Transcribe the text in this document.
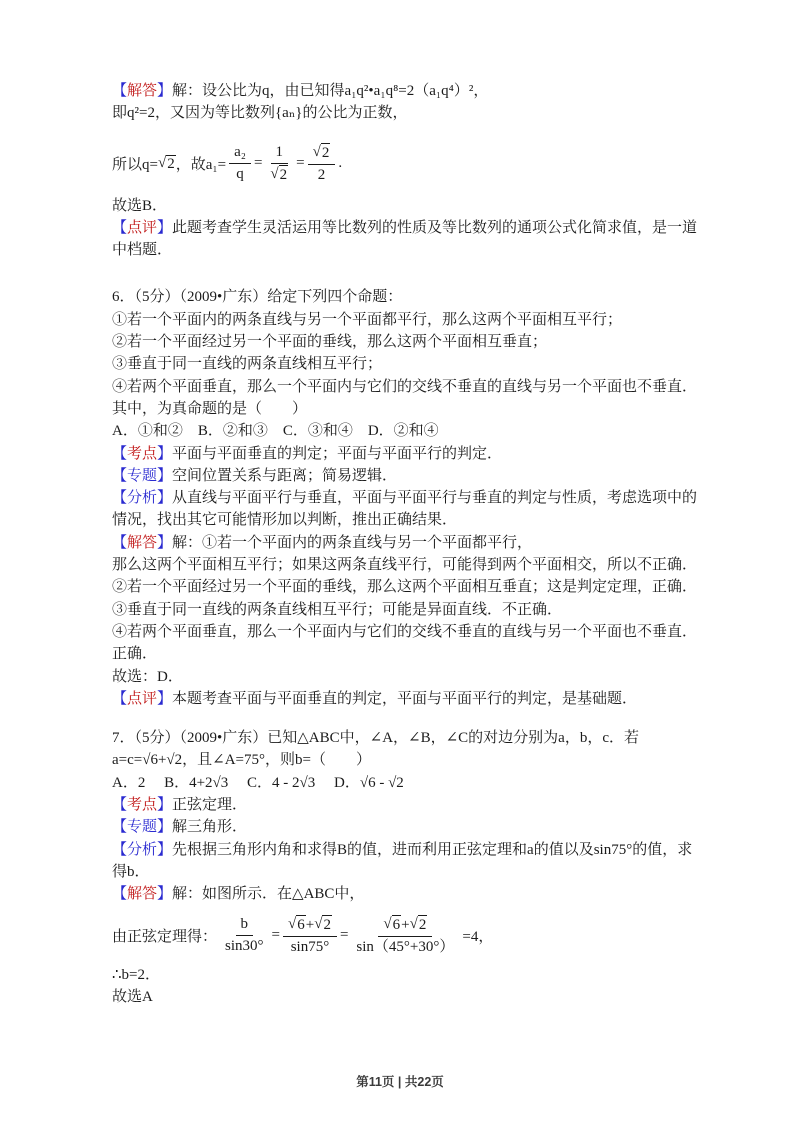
【解答】解：设公比为q，由已知得a₁q²•a₁q⁸=2（a₁q⁴）²，
即q²=2，又因为等比数列{aₙ}的公比为正数，
所以q= √ 2 ，故$a_1= \frac{\text{a₂}}{q} = \frac{1}{√ 2} = \frac{√ 2}{2}$ .
故选B．
【点评】此题考查学生灵活运用等比数列的性质及等比数列的通项公式化简求值，是一道中档题．
6．（5分）（2009•广东）给定下列四个命题：
①若一个平面内的两条直线与另一个平面都平行，那么这两个平面相互平行；
②若一个平面经过另一个平面的垂线，那么这两个平面相互垂直；
③垂直于同一直线的两条直线相互平行；
④若两个平面垂直，那么一个平面内与它们的交线不垂直的直线与另一个平面也不垂直．
其中，为真命题的是（　　）
A．①和②　B．②和③　C．③和④　D．②和④
【考点】平面与平面垂直的判定；平面与平面平行的判定．
【专题】空间位置关系与距离；简易逻辑．
【分析】从直线与平面平行与垂直，平面与平面平行与垂直的判定与性质，考虑选项中的情况，找出其它可能情形加以判断，推出正确结果．
【解答】解：①若一个平面内的两条直线与另一个平面都平行，
那么这两个平面相互平行；如果这两条直线平行，可能得到两个平面相交，所以不正确．
②若一个平面经过另一个平面的垂线，那么这两个平面相互垂直；这是判定定理，正确．
③垂直于同一直线的两条直线相互平行；可能是异面直线．不正确．
④若两个平面垂直，那么一个平面内与它们的交线不垂直的直线与另一个平面也不垂直．
正确．
故选：D．
【点评】本题考查平面与平面垂直的判定，平面与平面平行的判定，是基础题．
7．（5分）（2009•广东）已知△ABC中，∠A，∠B，∠C的对边分别为a，b，c．若a=c=√6+√2，且∠A=75°，则b=（　　）
A．2　 B．4+2√3　 C．4 - 2√3　 D．√6 - √2
【考点】正弦定理．
【专题】解三角形．
【分析】先根据三角形内角和求得B的值，进而利用正弦定理和a的值以及sin75°的值，求得b．
【解答】解：如图所示．在△ABC中，
由正弦定理得： $\frac{b}{\sin 30^\circ} = \frac{√ 6 + √ 2}{\sin 75^\circ} = \frac{√ 6 + √ 2}{\sin(45^\circ+30^\circ)} =4$，
∴b=2．
故选A
第11页 | 共22页
